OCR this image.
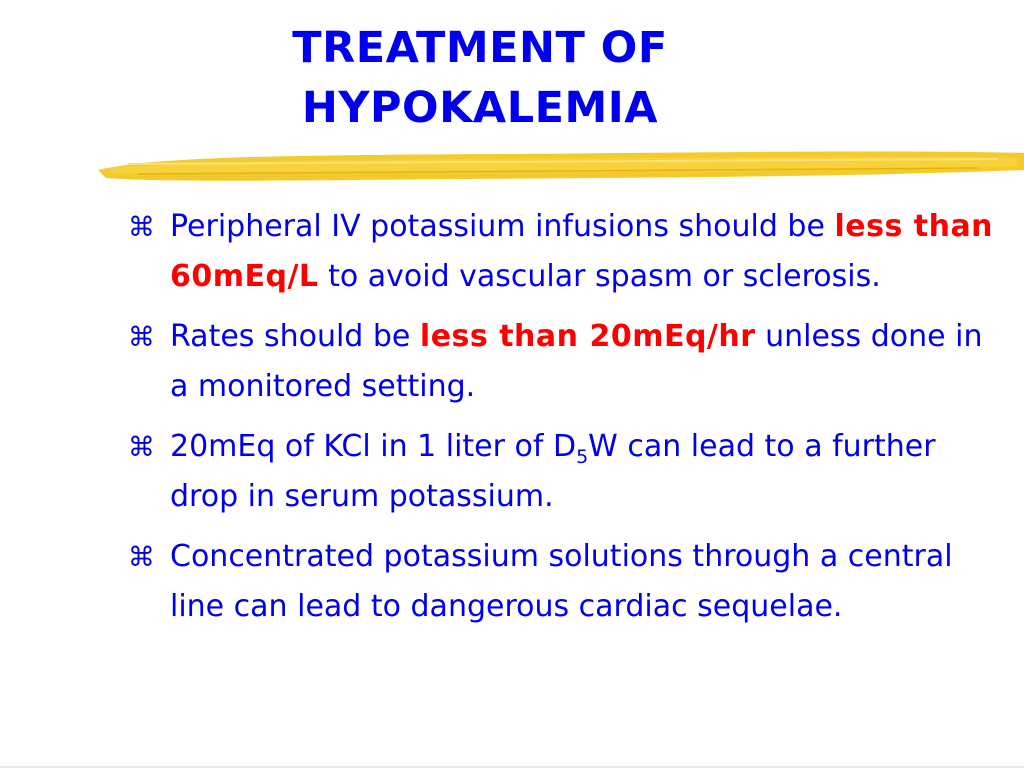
TREATMENT OF
HYPOKALEMIA
⌘ Peripheral IV potassium infusions should be less than 60mEq/L to avoid vascular spasm or sclerosis.
⌘ Rates should be less than 20mEq/hr unless done in a monitored setting.
⌘ 20mEq of KCl in 1 liter of $D_5W$ can lead to a further drop in serum potassium.
⌘ Concentrated potassium solutions through a central line can lead to dangerous cardiac sequelae.
